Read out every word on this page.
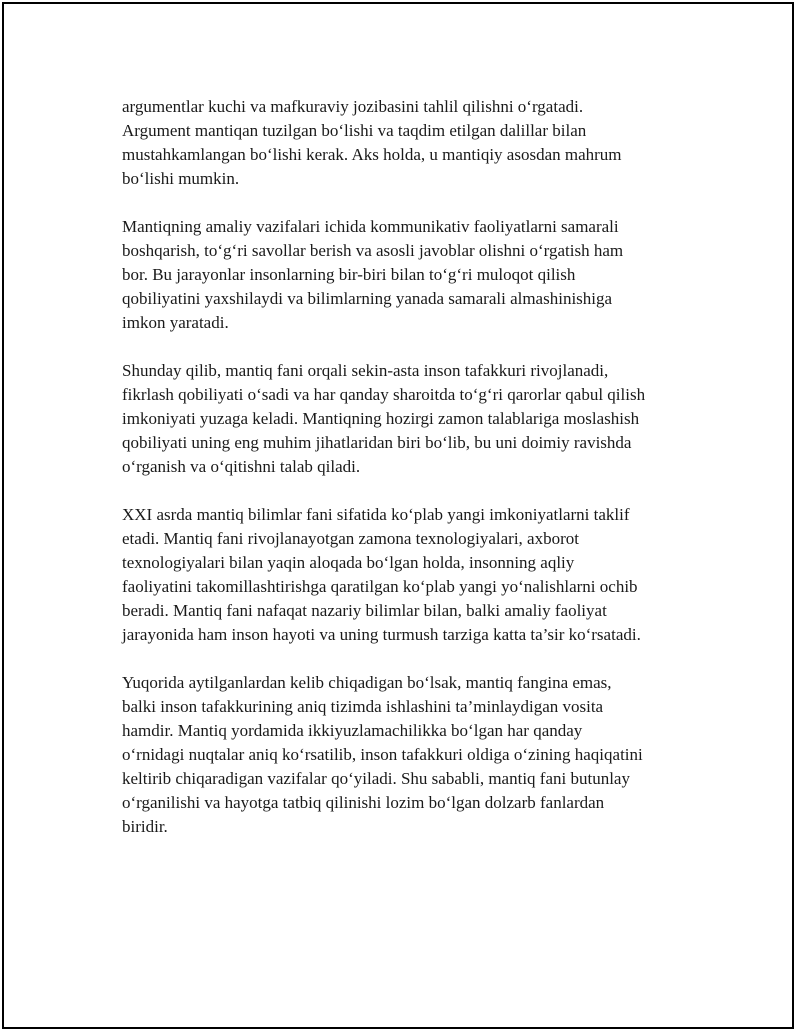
argumentlar kuchi va mafkuraviy jozibasini tahlil qilishni o‘rgatadi.
Argument mantiqan tuzilgan bo‘lishi va taqdim etilgan dalillar bilan
mustahkamlangan bo‘lishi kerak. Aks holda, u mantiqiy asosdan mahrum
bo‘lishi mumkin.

Mantiqning amaliy vazifalari ichida kommunikativ faoliyatlarni samarali
boshqarish, to‘g‘ri savollar berish va asosli javoblar olishni o‘rgatish ham
bor. Bu jarayonlar insonlarning bir-biri bilan to‘g‘ri muloqot qilish
qobiliyatini yaxshilaydi va bilimlarning yanada samarali almashinishiga
imkon yaratadi.

Shunday qilib, mantiq fani orqali sekin-asta inson tafakkuri rivojlanadi,
fikrlash qobiliyati o‘sadi va har qanday sharoitda to‘g‘ri qarorlar qabul qilish
imkoniyati yuzaga keladi. Mantiqning hozirgi zamon talablariga moslashish
qobiliyati uning eng muhim jihatlaridan biri bo‘lib, bu uni doimiy ravishda
o‘rganish va o‘qitishni talab qiladi.

XXI asrda mantiq bilimlar fani sifatida ko‘plab yangi imkoniyatlarni taklif
etadi. Mantiq fani rivojlanayotgan zamona texnologiyalari, axborot
texnologiyalari bilan yaqin aloqada bo‘lgan holda, insonning aqliy
faoliyatini takomillashtirishga qaratilgan ko‘plab yangi yo‘nalishlarni ochib
beradi. Mantiq fani nafaqat nazariy bilimlar bilan, balki amaliy faoliyat
jarayonida ham inson hayoti va uning turmush tarziga katta ta’sir ko‘rsatadi.

Yuqorida aytilganlardan kelib chiqadigan bo‘lsak, mantiq fangina emas,
balki inson tafakkurining aniq tizimda ishlashini ta’minlaydigan vosita
hamdir. Mantiq yordamida ikkiyuzlamachilikka bo‘lgan har qanday
o‘rnidagi nuqtalar aniq ko‘rsatilib, inson tafakkuri oldiga o‘zining haqiqatini
keltirib chiqaradigan vazifalar qo‘yiladi. Shu sababli, mantiq fani butunlay
o‘rganilishi va hayotga tatbiq qilinishi lozim bo‘lgan dolzarb fanlardan
biridir.
